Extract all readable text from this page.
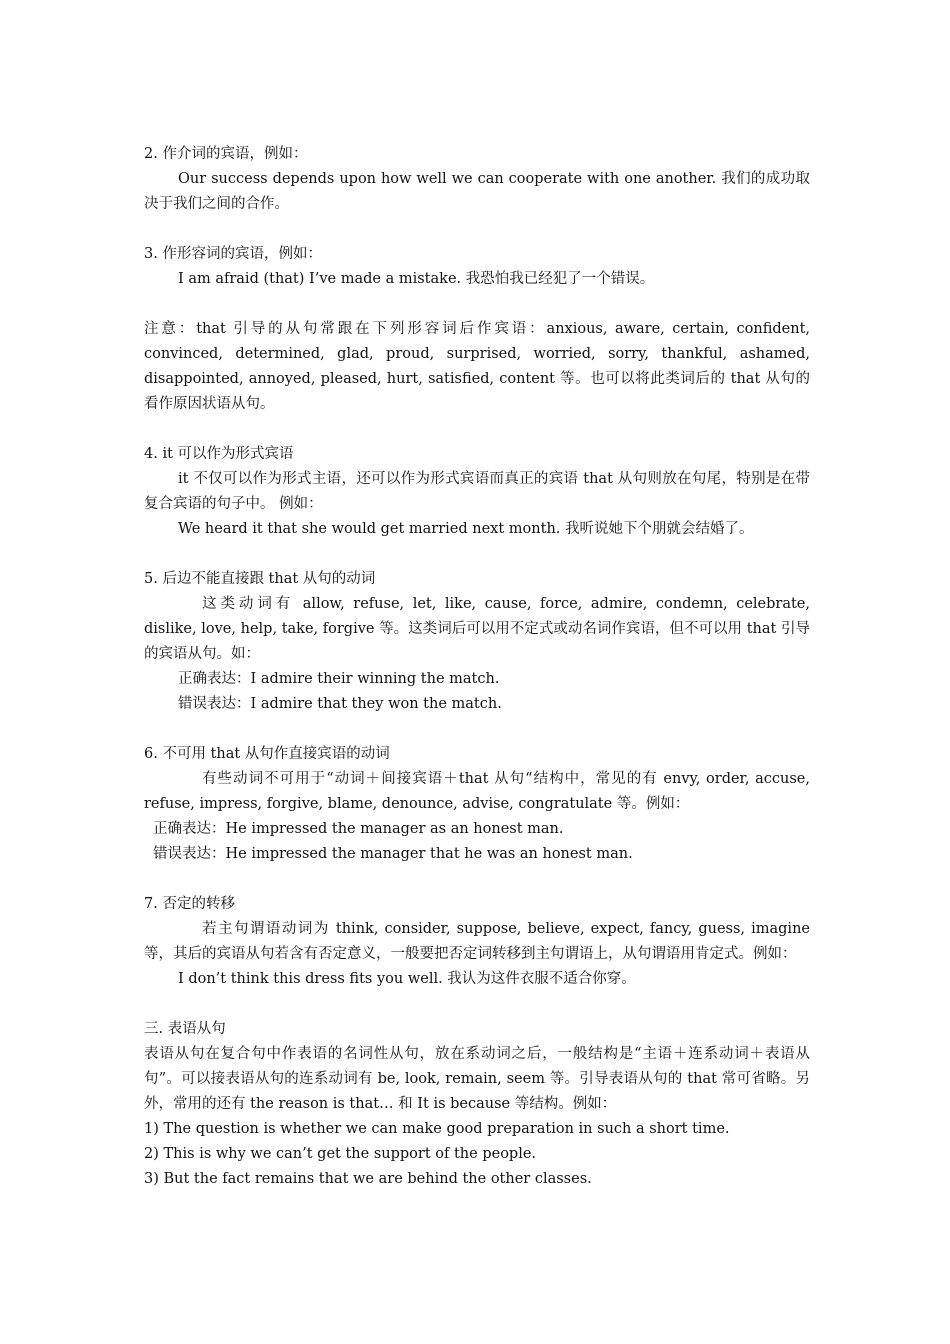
2. 作介词的宾语，例如：

Our success depends upon how well we can cooperate with one another. 我们的成功取决于我们之间的合作。

3. 作形容词的宾语，例如：

I am afraid (that) I’ve made a mistake. 我恐怕我已经犯了一个错误。

注意：that 引导的从句常跟在下列形容词后作宾语：anxious, aware, certain, confident, convinced, determined, glad, proud, surprised, worried, sorry, thankful, ashamed, disappointed, annoyed, pleased, hurt, satisfied, content 等。也可以将此类词后的 that 从句的看作原因状语从句。

4. it 可以作为形式宾语

it 不仅可以作为形式主语，还可以作为形式宾语而真正的宾语 that 从句则放在句尾，特别是在带复合宾语的句子中。 例如：

We heard it that she would get married next month. 我听说她下个朋就会结婚了。

5. 后边不能直接跟 that 从句的动词

这类动词有 allow, refuse, let, like, cause, force, admire, condemn, celebrate, dislike, love, help, take, forgive 等。这类词后可以用不定式或动名词作宾语，但不可以用 that 引导的宾语从句。如：

正确表达：I admire their winning the match.

错误表达：I admire that they won the match.

6. 不可用 that 从句作直接宾语的动词

有些动词不可用于“动词＋间接宾语＋that 从句“结构中，常见的有 envy, order, accuse, refuse, impress, forgive, blame, denounce, advise, congratulate 等。例如：

正确表达：He impressed the manager as an honest man.

错误表达：He impressed the manager that he was an honest man.

7. 否定的转移

若主句谓语动词为 think, consider, suppose, believe, expect, fancy, guess, imagine 等，其后的宾语从句若含有否定意义，一般要把否定词转移到主句谓语上，从句谓语用肯定式。例如：

I don’t think this dress fits you well. 我认为这件衣服不适合你穿。

三. 表语从句

表语从句在复合句中作表语的名词性从句，放在系动词之后，一般结构是“主语＋连系动词＋表语从句”。可以接表语从句的连系动词有 be, look, remain, seem 等。引导表语从句的 that 常可省略。另外，常用的还有 the reason is that… 和 It is because 等结构。例如：

1) The question is whether we can make good preparation in such a short time.

2) This is why we can’t get the support of the people.

3) But the fact remains that we are behind the other classes.
